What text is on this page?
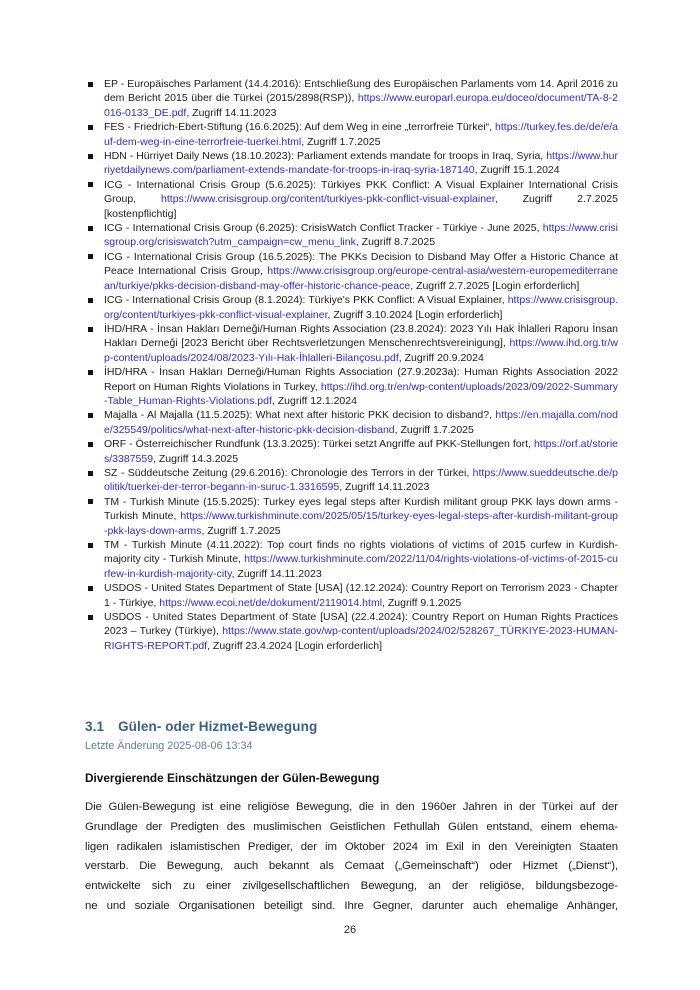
EP - Europäisches Parlament (14.4.2016): Entschließung des Europäischen Parlaments vom 14. April 2016 zu dem Bericht 2015 über die Türkei (2015/2898(RSP)), https://www.europarl.europa.eu/doceo/document/TA-8-2016-0133_DE.pdf, Zugriff 14.11.2023
FES - Friedrich-Ebert-Stiftung (16.6.2025): Auf dem Weg in eine „terrorfreie Türkei“, https://turkey.fes.de/de/e/auf-dem-weg-in-eine-terrorfreie-tuerkei.html, Zugriff 1.7.2025
HDN - Hürriyet Daily News (18.10.2023): Parliament extends mandate for troops in Iraq, Syria, https://www.hurriyetdailynews.com/parliament-extends-mandate-for-troops-in-iraq-syria-187140, Zugriff 15.1.2024
ICG - International Crisis Group (5.6.2025): Türkiyes PKK Conflict: A Visual Explainer International Crisis Group, https://www.crisisgroup.org/content/turkiyes-pkk-conflict-visual-explainer, Zugriff 2.7.2025 [kostenpflichtig]
ICG - International Crisis Group (6.2025): CrisisWatch Conflict Tracker - Türkiye - June 2025, https://www.crisisgroup.org/crisiswatch?utm_campaign=cw_menu_link, Zugriff 8.7.2025
ICG - International Crisis Group (16.5.2025): The PKKs Decision to Disband May Offer a Historic Chance at Peace International Crisis Group, https://www.crisisgroup.org/europe-central-asia/western-europemediterranean/turkiye/pkks-decision-disband-may-offer-historic-chance-peace, Zugriff 2.7.2025 [Login erforderlich]
ICG - International Crisis Group (8.1.2024): Türkiye's PKK Conflict: A Visual Explainer, https://www.crisisgroup.org/content/turkiyes-pkk-conflict-visual-explainer, Zugriff 3.10.2024 [Login erforderlich]
İHD/HRA - İnsan Hakları Derneği/Human Rights Association (23.8.2024): 2023 Yılı Hak İhlalleri Raporu İnsan Hakları Derneği [2023 Bericht über Rechtsverletzungen Menschenrechtsvereinigung], https://www.ihd.org.tr/wp-content/uploads/2024/08/2023-Yılı-Hak-İhlalleri-Bilançosu.pdf, Zugriff 20.9.2024
İHD/HRA - İnsan Hakları Derneği/Human Rights Association (27.9.2023a): Human Rights Association 2022 Report on Human Rights Violations in Turkey, https://ihd.org.tr/en/wp-content/uploads/2023/09/2022-Summary-Table_Human-Rights-Violations.pdf, Zugriff 12.1.2024
Majalla - Al Majalla (11.5.2025): What next after historic PKK decision to disband?, https://en.majalla.com/node/325549/politics/what-next-after-historic-pkk-decision-disband, Zugriff 1.7.2025
ORF - Österreichischer Rundfunk (13.3.2025): Türkei setzt Angriffe auf PKK-Stellungen fort, https://orf.at/stories/3387559, Zugriff 14.3.2025
SZ - Süddeutsche Zeitung (29.6.2016): Chronologie des Terrors in der Türkei, https://www.sueddeutsche.de/politik/tuerkei-der-terror-begann-in-suruc-1.3316595, Zugriff 14.11.2023
TM - Turkish Minute (15.5.2025): Turkey eyes legal steps after Kurdish militant group PKK lays down arms - Turkish Minute, https://www.turkishminute.com/2025/05/15/turkey-eyes-legal-steps-after-kurdish-militant-group-pkk-lays-down-arms, Zugriff 1.7.2025
TM - Turkish Minute (4.11.2022): Top court finds no rights violations of victims of 2015 curfew in Kurdish-majority city - Turkish Minute, https://www.turkishminute.com/2022/11/04/rights-violations-of-victims-of-2015-curfew-in-kurdish-majority-city, Zugriff 14.11.2023
USDOS - United States Department of State [USA] (12.12.2024): Country Report on Terrorism 2023 - Chapter 1 - Türkiye, https://www.ecoi.net/de/dokument/2119014.html, Zugriff 9.1.2025
USDOS - United States Department of State [USA] (22.4.2024): Country Report on Human Rights Practices 2023 – Turkey (Türkiye), https://www.state.gov/wp-content/uploads/2024/02/528267_TÜRKIYE-2023-HUMAN-RIGHTS-REPORT.pdf, Zugriff 23.4.2024 [Login erforderlich]
3.1 Gülen- oder Hizmet-Bewegung
Letzte Änderung 2025-08-06 13:34
Divergierende Einschätzungen der Gülen-Bewegung
Die Gülen-Bewegung ist eine religiöse Bewegung, die in den 1960er Jahren in der Türkei auf der
Grundlage der Predigten des muslimischen Geistlichen Fethullah Gülen entstand, einem ehema-
ligen radikalen islamistischen Prediger, der im Oktober 2024 im Exil in den Vereinigten Staaten
verstarb. Die Bewegung, auch bekannt als Cemaat („Gemeinschaft“) oder Hizmet („Dienst“),
entwickelte sich zu einer zivilgesellschaftlichen Bewegung, an der religiöse, bildungsbezoge-
ne und soziale Organisationen beteiligt sind. Ihre Gegner, darunter auch ehemalige Anhänger,
26
